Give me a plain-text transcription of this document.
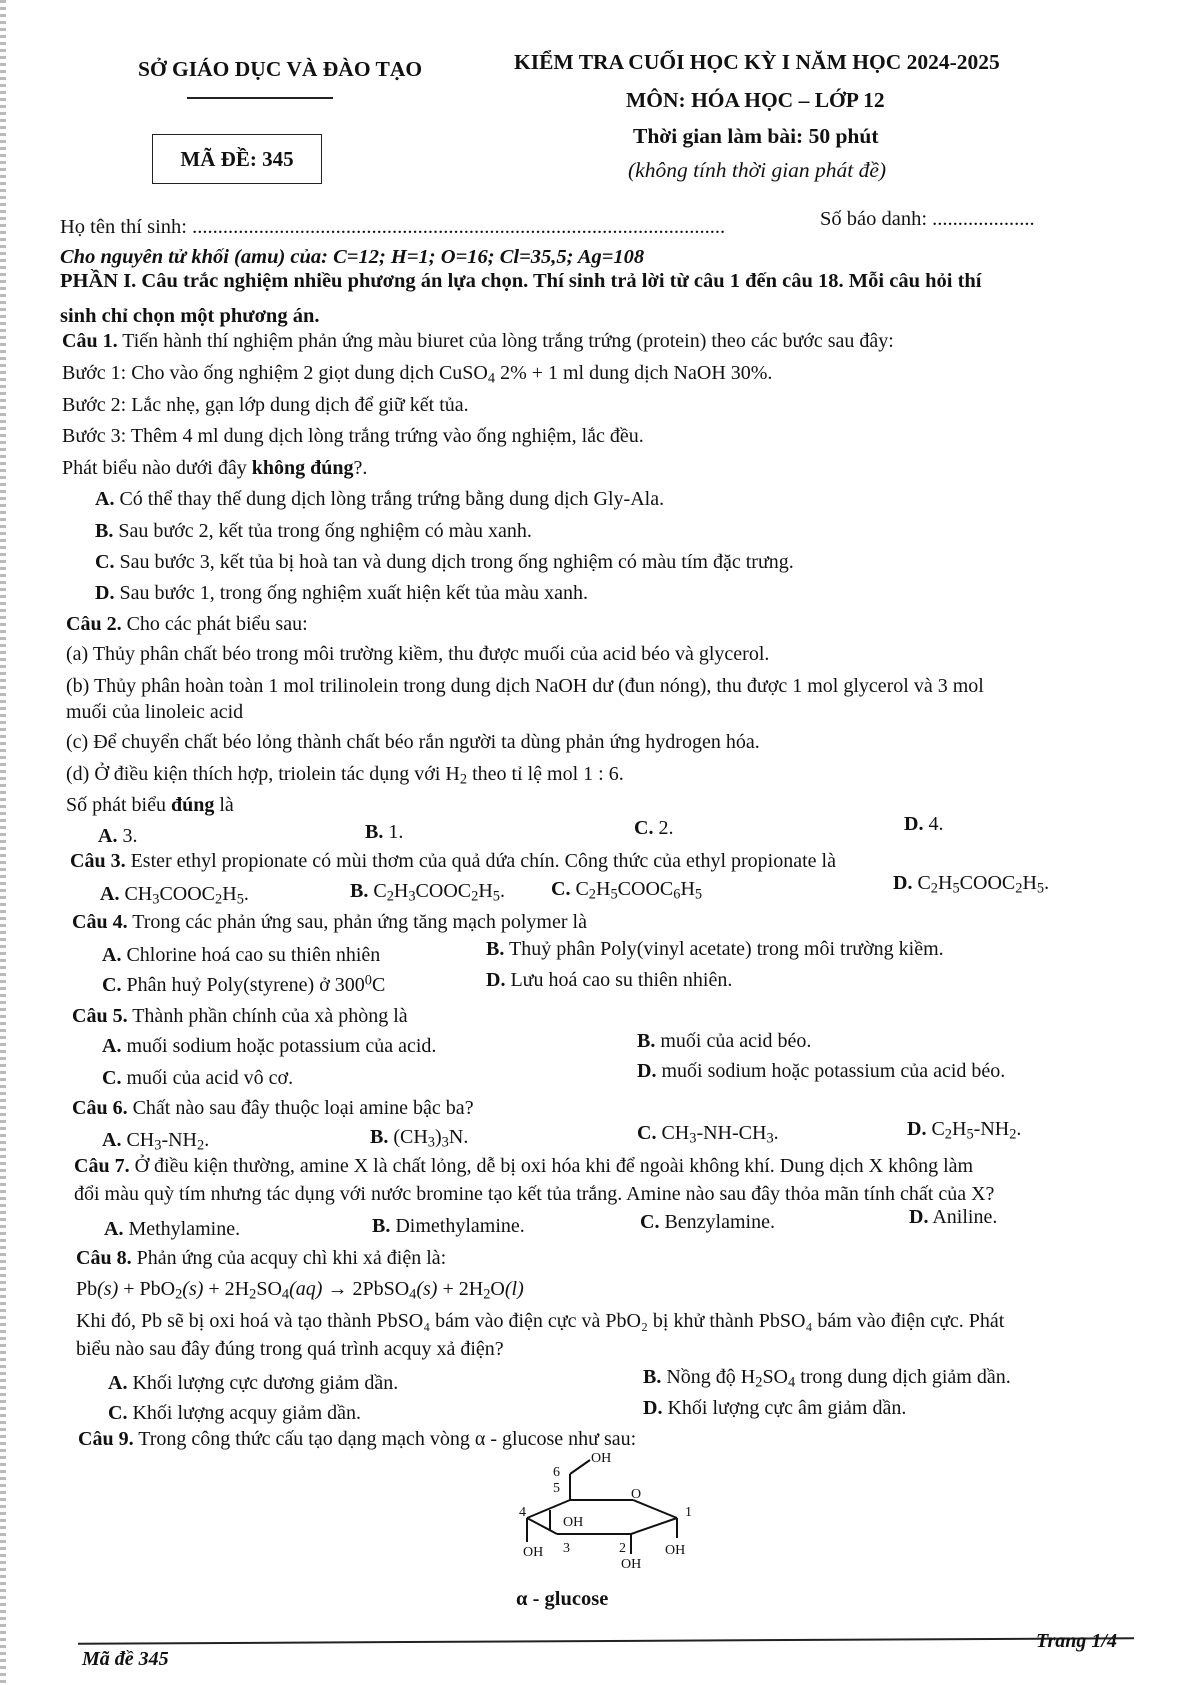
SỞ GIÁO DỤC VÀ ĐÀO TẠO
MÃ ĐỀ: 345
KIỂM TRA CUỐI HỌC KỲ I NĂM HỌC 2024-2025
MÔN: HÓA HỌC – LỚP 12
Thời gian làm bài: 50 phút
(không tính thời gian phát đề)
Họ tên thí sinh: ........................................................................................................	Số báo danh: ....................
Cho nguyên tử khối (amu) của: C=12; H=1; O=16; Cl=35,5; Ag=108
PHẦN I. Câu trắc nghiệm nhiều phương án lựa chọn. Thí sinh trả lời từ câu 1 đến câu 18. Mỗi câu hỏi thí
sinh chỉ chọn một phương án.
Câu 1. Tiến hành thí nghiệm phản ứng màu biuret của lòng trắng trứng (protein) theo các bước sau đây:
Bước 1: Cho vào ống nghiệm 2 giọt dung dịch CuSO$_4$ 2% + 1 ml dung dịch NaOH 30%.
Bước 2: Lắc nhẹ, gạn lớp dung dịch để giữ kết tủa.
Bước 3: Thêm 4 ml dung dịch lòng trắng trứng vào ống nghiệm, lắc đều.
Phát biểu nào dưới đây không đúng?.
A. Có thể thay thế dung dịch lòng trắng trứng bằng dung dịch Gly-Ala.
B. Sau bước 2, kết tủa trong ống nghiệm có màu xanh.
C. Sau bước 3, kết tủa bị hoà tan và dung dịch trong ống nghiệm có màu tím đặc trưng.
D. Sau bước 1, trong ống nghiệm xuất hiện kết tủa màu xanh.
Câu 2. Cho các phát biểu sau:
(a) Thủy phân chất béo trong môi trường kiềm, thu được muối của acid béo và glycerol.
(b) Thủy phân hoàn toàn 1 mol trilinolein trong dung dịch NaOH dư (đun nóng), thu được 1 mol glycerol và 3 mol
muối của linoleic acid
(c) Để chuyển chất béo lỏng thành chất béo rắn người ta dùng phản ứng hydrogen hóa.
(d) Ở điều kiện thích hợp, triolein tác dụng với $H_2$ theo tỉ lệ mol 1 : 6.
Số phát biểu đúng là
A. 3.	B. 1.	C. 2.	D. 4.
Câu 3. Ester ethyl propionate có mùi thơm của quả dứa chín. Công thức của ethyl propionate là
A. $CH_3COOC_2H_5$.	B. $C_2H_3COOC_2H_5$. C. $C_2H_5COOC_6H_5$
D. $C_2H_5COOC_2H_5$.
Câu 4. Trong các phản ứng sau, phản ứng tăng mạch polymer là
A. Chlorine hoá cao su thiên nhiên	B. Thuỷ phân Poly(vinyl acetate) trong môi trường kiềm.
C. Phân huỷ Poly(styrene) ở $300^0C$	D. Lưu hoá cao su thiên nhiên.
Câu 5. Thành phần chính của xà phòng là
A. muối sodium hoặc potassium của acid.	B. muối của acid béo.
C. muối của acid vô cơ.	D. muối sodium hoặc potassium của acid béo.
Câu 6. Chất nào sau đây thuộc loại amine bậc ba?
A. $CH_3-NH_2$.	B. $(CH_3)_3N$.	C. $CH_3-NH-CH_3$.	D. $C_2H_5-NH_2$.
Câu 7. Ở điều kiện thường, amine X là chất lỏng, dễ bị oxi hóa khi để ngoài không khí. Dung dịch X không làm
đổi màu quỳ tím nhưng tác dụng với nước bromine tạo kết tủa trắng. Amine nào sau đây thỏa mãn tính chất của X?
A. Methylamine.	B. Dimethylamine.	C. Benzylamine.	D. Aniline.
Câu 8. Phản ứng của acquy chì khi xả điện là:
$Pb(s) + PbO_2(s) + 2H_2SO_4(aq)$ → 2PbSO$_4$(s) + $2H_2O(l)$
Khi đó, Pb sẽ bị oxi hoá và tạo thành PbSO₄ bám vào điện cực và PbO₂ bị khử thành PbSO₄ bám vào điện cực. Phát
biểu nào sau đây đúng trong quá trình acquy xả điện?
A. Khối lượng cực dương giảm dần.	B. Nồng độ $H_2SO_4$ trong dung dịch giảm dần.
C. Khối lượng acquy giảm dần.	D. Khối lượng cực âm giảm dần.
Câu 9. Trong công thức cấu tạo dạng mạch vòng α - glucose như sau:
OH
6
5	O
1
4
OH
OH 3	2	OH
OH
α - glucose
Mã đề 345
Trang 1/4
